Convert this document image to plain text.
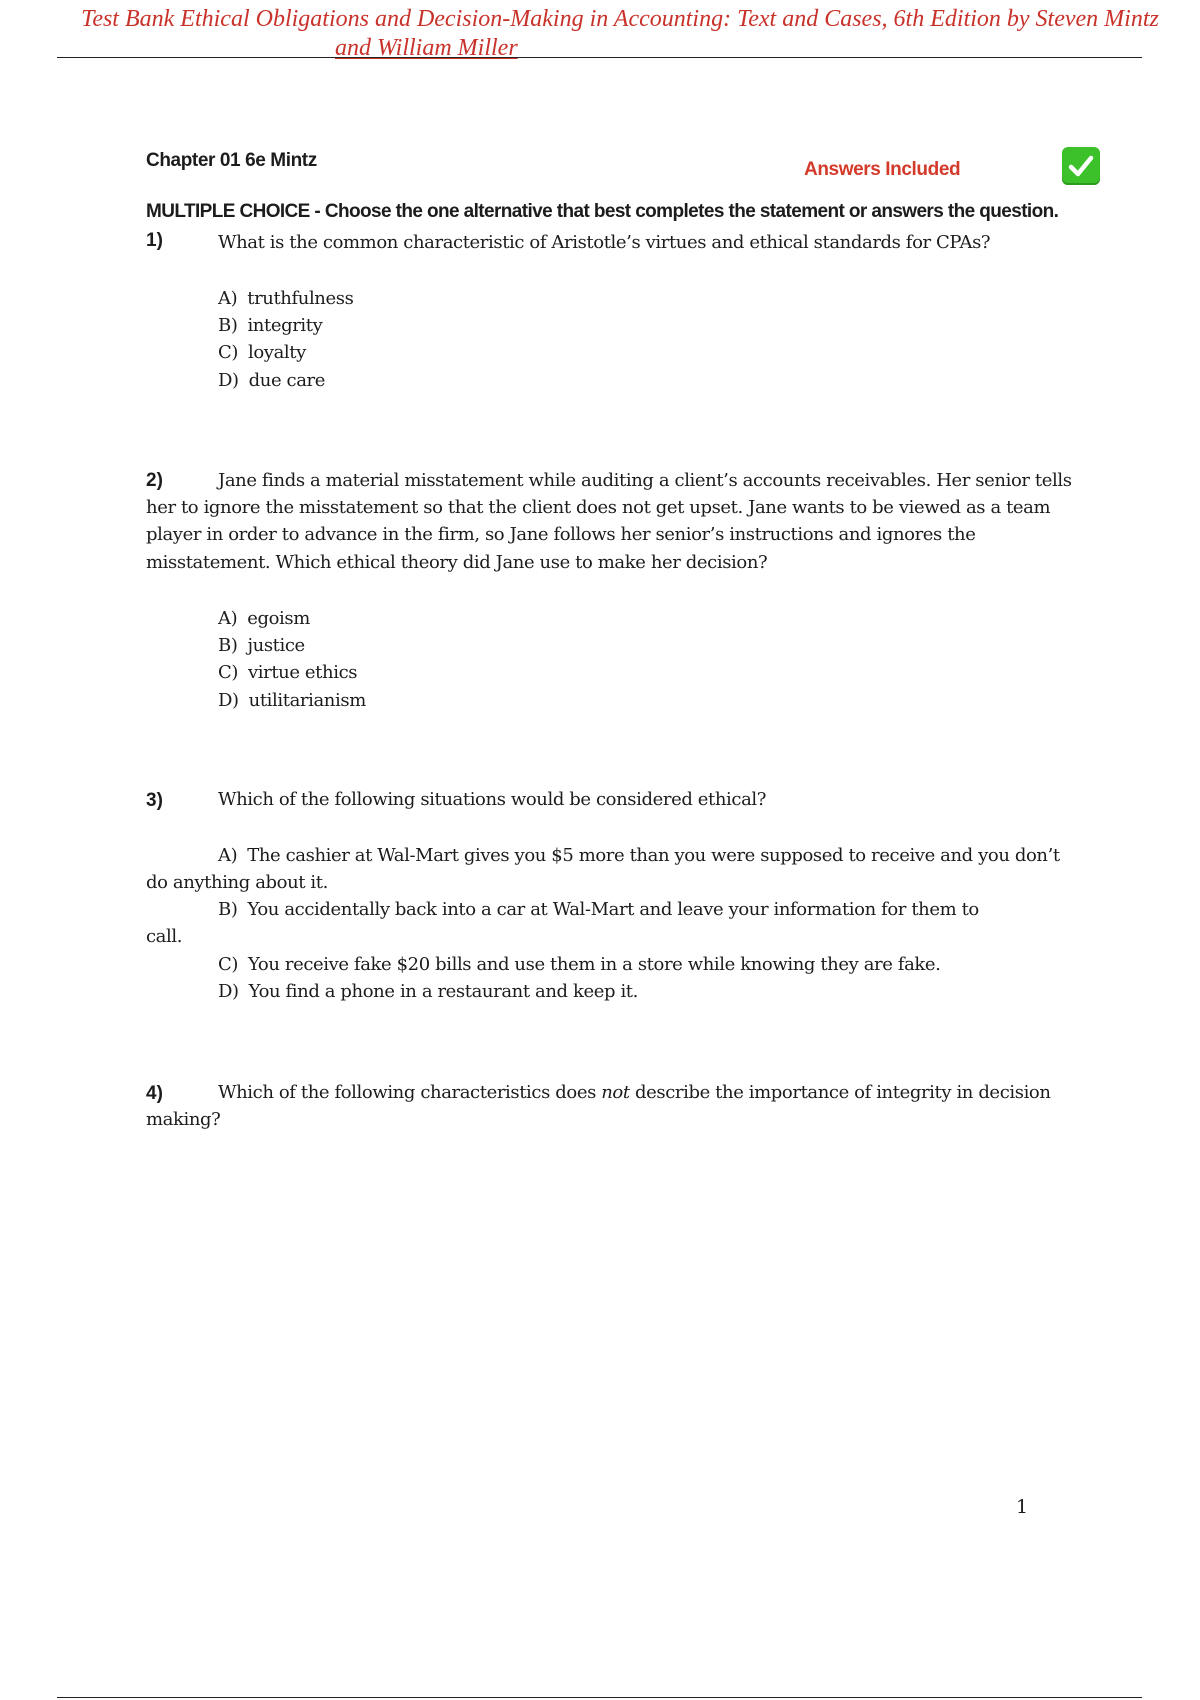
Test Bank Ethical Obligations and Decision-Making in Accounting: Text and Cases, 6th Edition by Steven Mintz
and William Miller
Chapter 01 6e Mintz	Answers Included
MULTIPLE CHOICE - Choose the one alternative that best completes the statement or answers the question.
1)	What is the common characteristic of Aristotle’s virtues and ethical standards for CPAs?
A) truthfulness
B) integrity
C) loyalty
D) due care
2)	Jane finds a material misstatement while auditing a client’s accounts receivables. Her senior tells
her to ignore the misstatement so that the client does not get upset. Jane wants to be viewed as a team
player in order to advance in the firm, so Jane follows her senior’s instructions and ignores the
misstatement. Which ethical theory did Jane use to make her decision?
A) egoism
B) justice
C) virtue ethics
D) utilitarianism
3)	Which of the following situations would be considered ethical?
A) The cashier at Wal-Mart gives you $5 more than you were supposed to receive and you don’t
do anything about it.
B) You accidentally back into a car at Wal-Mart and leave your information for them to
call.
C) You receive fake $20 bills and use them in a store while knowing they are fake.
D) You find a phone in a restaurant and keep it.
4)	Which of the following characteristics does not describe the importance of integrity in decision
making?
1
